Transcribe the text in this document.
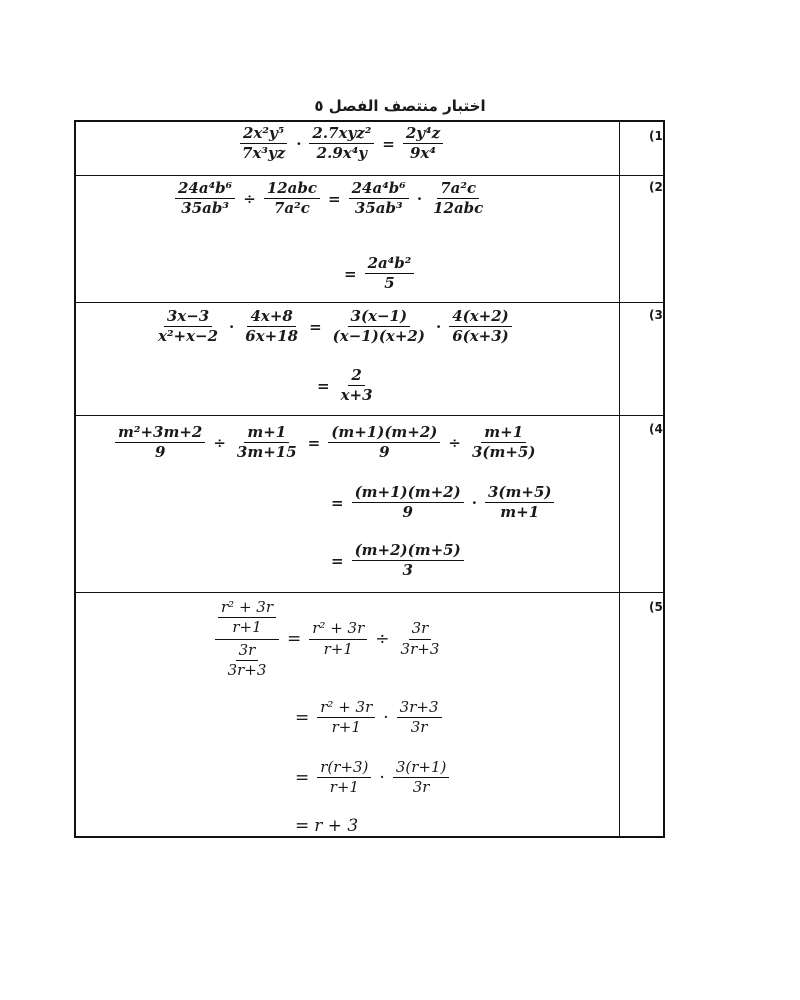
اختبار منتصف الفصل ٥
(1
$\frac{\text{2x²y⁵}}{\text{7x³yz}} \cdot \frac{\text{2.7xyz²}}{\text{2.9x⁴y}} = \frac{\text{2y⁴z}}{\text{9x⁴}}$
(2
$\frac{\text{24a⁴b⁶}}{\text{35ab³}} \div \frac{\text{12abc}}{\text{7a²c}} = \frac{\text{24a⁴b⁶}}{\text{35ab³}} \cdot \frac{\text{7a²c}}{\text{12abc}}$
= $\frac{\text{2a⁴b²}}{5}$
(3
$\frac{3x-3}{\text{x²+x−2}} \cdot \frac{4x+8}{6x+18} = \frac{3(x-1)}{(x-1)(x+2)} \cdot \frac{4(x+2)}{6(x+3)}$
= $\frac{2}{x+3}$
(4
$\frac{\text{m²+3m+2}}{9} \div \frac{m+1}{3m+15} = \frac{(m+1)(m+2)}{9} \div \frac{m+1}{3(m+5)}$
= $\frac{(m+1)(m+2)}{9} \cdot \frac{3(m+5)}{m+1}$
= $\frac{(m+2)(m+5)}{3}$
(5
$\frac{\text{r² + 3r}}{r+1}$
$\frac{3r}{3r+3}$
= $\frac{\text{r² + 3r}}{r+1} \div \frac{3r}{3r+3}$
= $\frac{\text{r² + 3r}}{r+1} \cdot \frac{3r+3}{3r}$
= $\frac{r(r+3)}{r+1} \cdot \frac{3(r+1)}{3r}$
= r + 3
